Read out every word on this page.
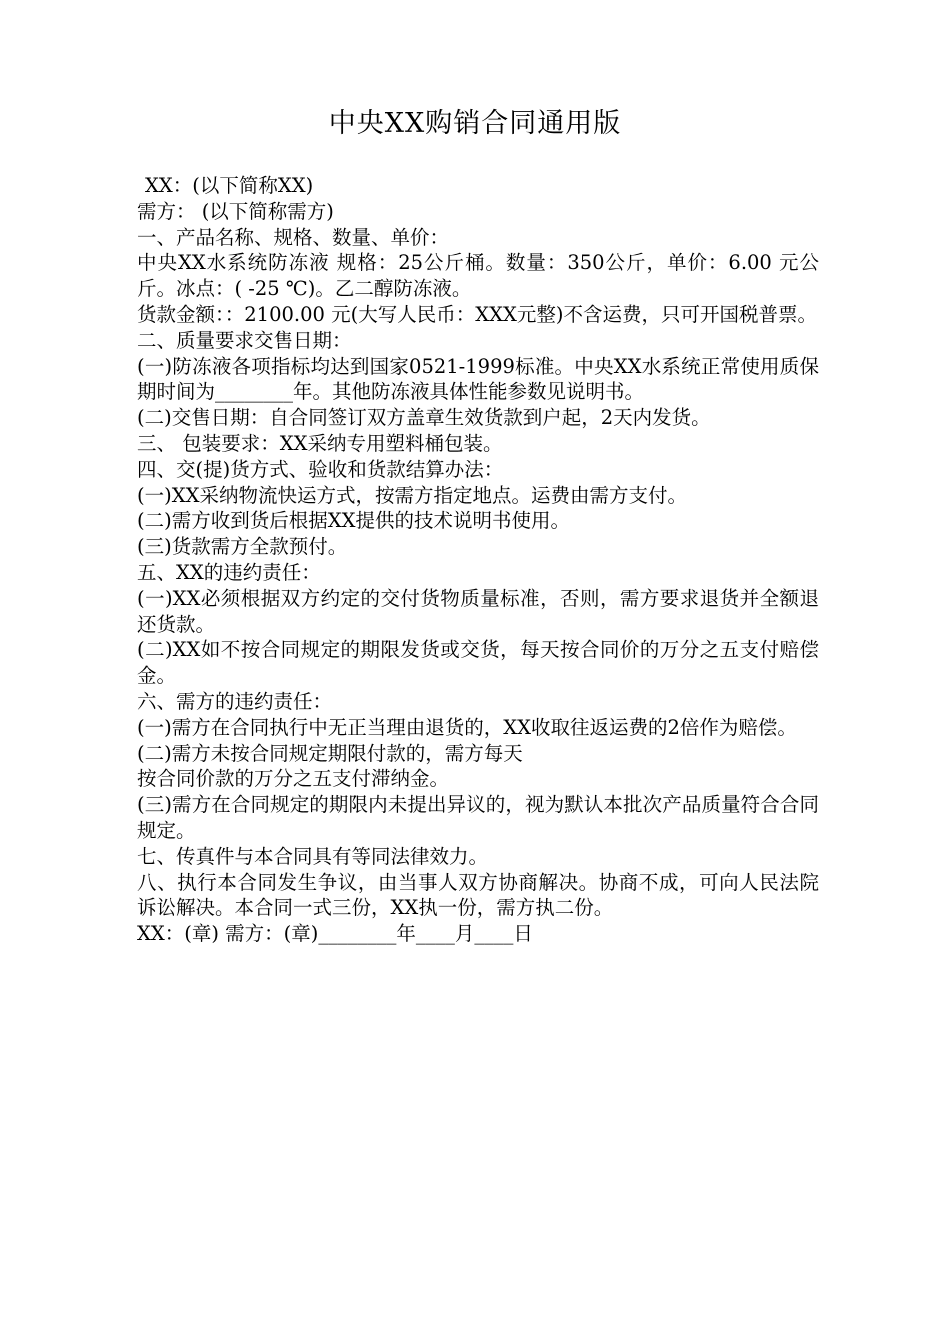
中央XX购销合同通用版
XX：(以下简称XX)
需方： (以下简称需方)
一、产品名称、规格、数量、单价：
中央XX水系统防冻液 规格：25公斤桶。数量：350公斤，单价：6.00 元公斤。冰点：( -25 ℃)。乙二醇防冻液。
货款金额：：2100.00 元(大写人民币：XXX元整)不含运费，只可开国税普票。
二、质量要求交售日期：
(一)防冻液各项指标均达到国家0521-1999标准。中央XX水系统正常使用质保期时间为________年。其他防冻液具体性能参数见说明书。
(二)交售日期：自合同签订双方盖章生效货款到户起，2天内发货。
三、 包装要求：XX采纳专用塑料桶包装。
四、交(提)货方式、验收和货款结算办法：
(一)XX采纳物流快运方式，按需方指定地点。运费由需方支付。
(二)需方收到货后根据XX提供的技术说明书使用。
(三)货款需方全款预付。
五、XX的违约责任：
(一)XX必须根据双方约定的交付货物质量标准，否则，需方要求退货并全额退还货款。
(二)XX如不按合同规定的期限发货或交货，每天按合同价的万分之五支付赔偿金。
六、需方的违约责任：
(一)需方在合同执行中无正当理由退货的，XX收取往返运费的2倍作为赔偿。
(二)需方未按合同规定期限付款的，需方每天
按合同价款的万分之五支付滞纳金。
(三)需方在合同规定的期限内未提出异议的，视为默认本批次产品质量符合合同规定。
七、传真件与本合同具有等同法律效力。
八、执行本合同发生争议，由当事人双方协商解决。协商不成，可向人民法院诉讼解决。本合同一式三份，XX执一份，需方执二份。
XX：(章) 需方：(章)________年____月____日
